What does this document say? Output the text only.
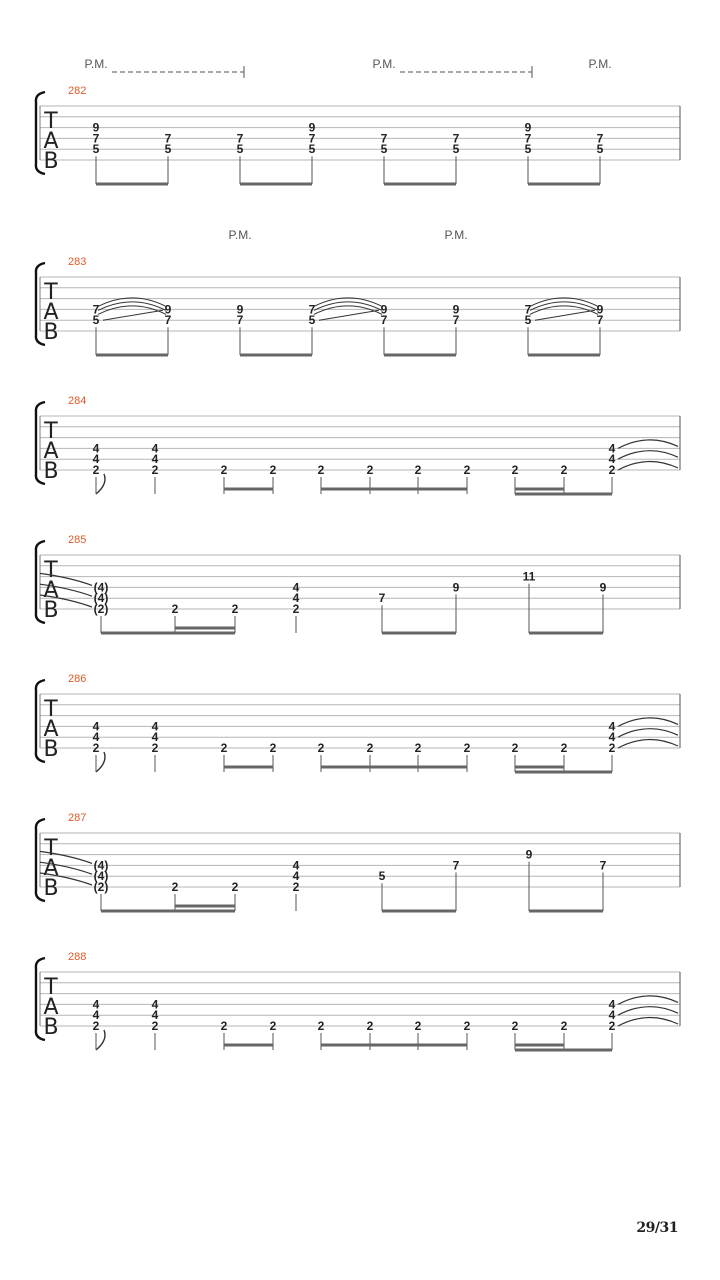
T
A
B
282
P.M.	P.M.	P.M.
9
7
5
7
5
7
5
9
7
5
7
5
7
5
9
7
5
7
5
T
A
B
283
P.M.	P.M.
7
5
9
7
9
7
7
5
9
7
9
7
7
5
9
7
T
A
B
284
4
4
2
4
4
2	2	2	2	2	2	2	2	2
4
4
2
T
A
B
285
(4)
(4)
(2)	2	2
4
4
2
7
9
11
9
T
A
B
286
4
4
2
4
4
2	2	2	2	2	2	2	2	2
4
4
2
T
A
B
287
(4)
(4)
(2)	2	2
4
4
2
5
7
9
7
T
A
B
288
4
4
2
4
4
2	2	2	2	2	2	2	2	2
4
4
2
29/31
